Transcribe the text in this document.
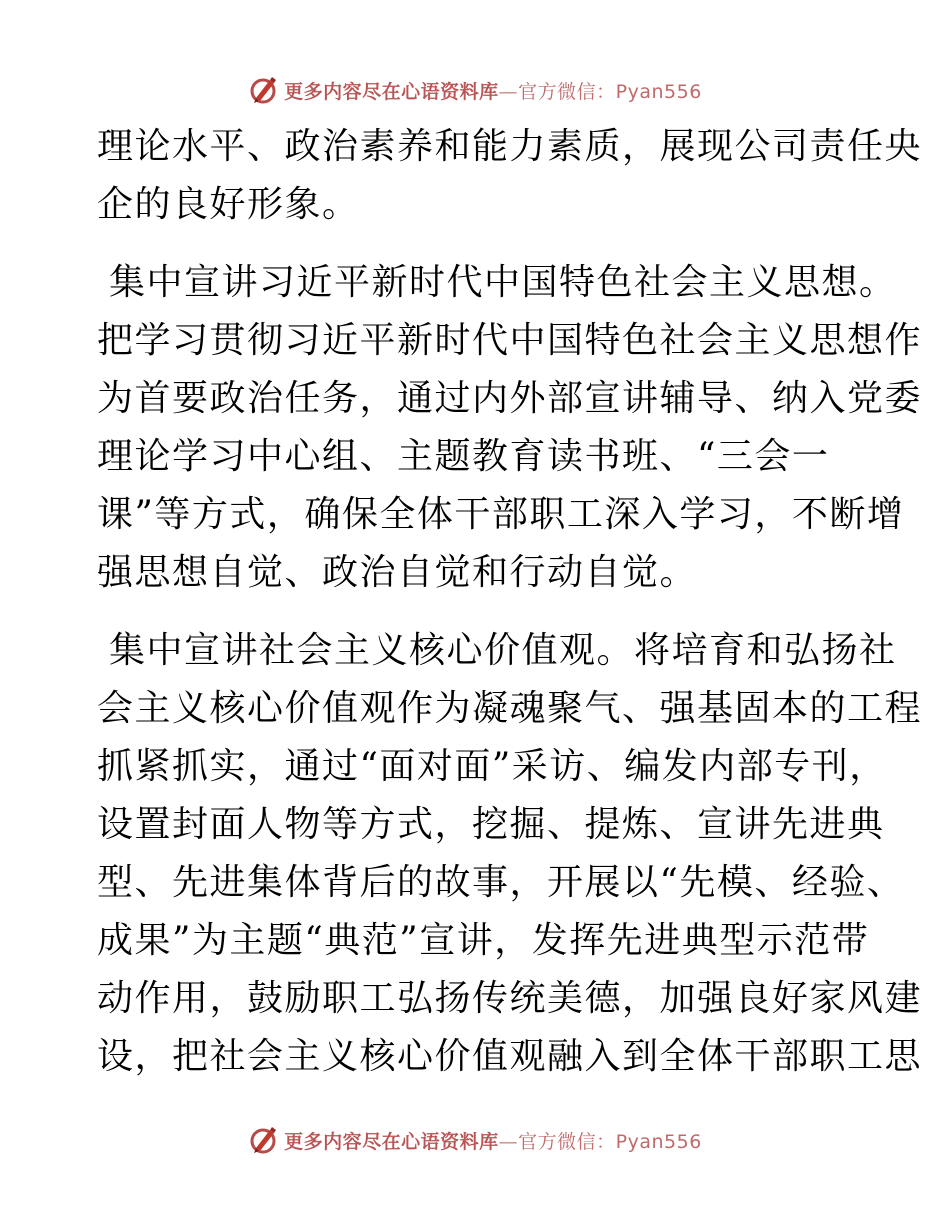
更多内容尽在心语资料库—官方微信：Pyan556
理论水平、政治素养和能力素质，展现公司责任央
企的良好形象。
集中宣讲习近平新时代中国特色社会主义思想。
把学习贯彻习近平新时代中国特色社会主义思想作
为首要政治任务，通过内外部宣讲辅导、纳入党委
理论学习中心组、主题教育读书班、“三会一
课”等方式，确保全体干部职工深入学习，不断增
强思想自觉、政治自觉和行动自觉。
集中宣讲社会主义核心价值观。将培育和弘扬社
会主义核心价值观作为凝魂聚气、强基固本的工程
抓紧抓实，通过“面对面”采访、编发内部专刊，
设置封面人物等方式，挖掘、提炼、宣讲先进典
型、先进集体背后的故事，开展以“先模、经验、
成果”为主题“典范”宣讲，发挥先进典型示范带
动作用，鼓励职工弘扬传统美德，加强良好家风建
设，把社会主义核心价值观融入到全体干部职工思
更多内容尽在心语资料库—官方微信：Pyan556
